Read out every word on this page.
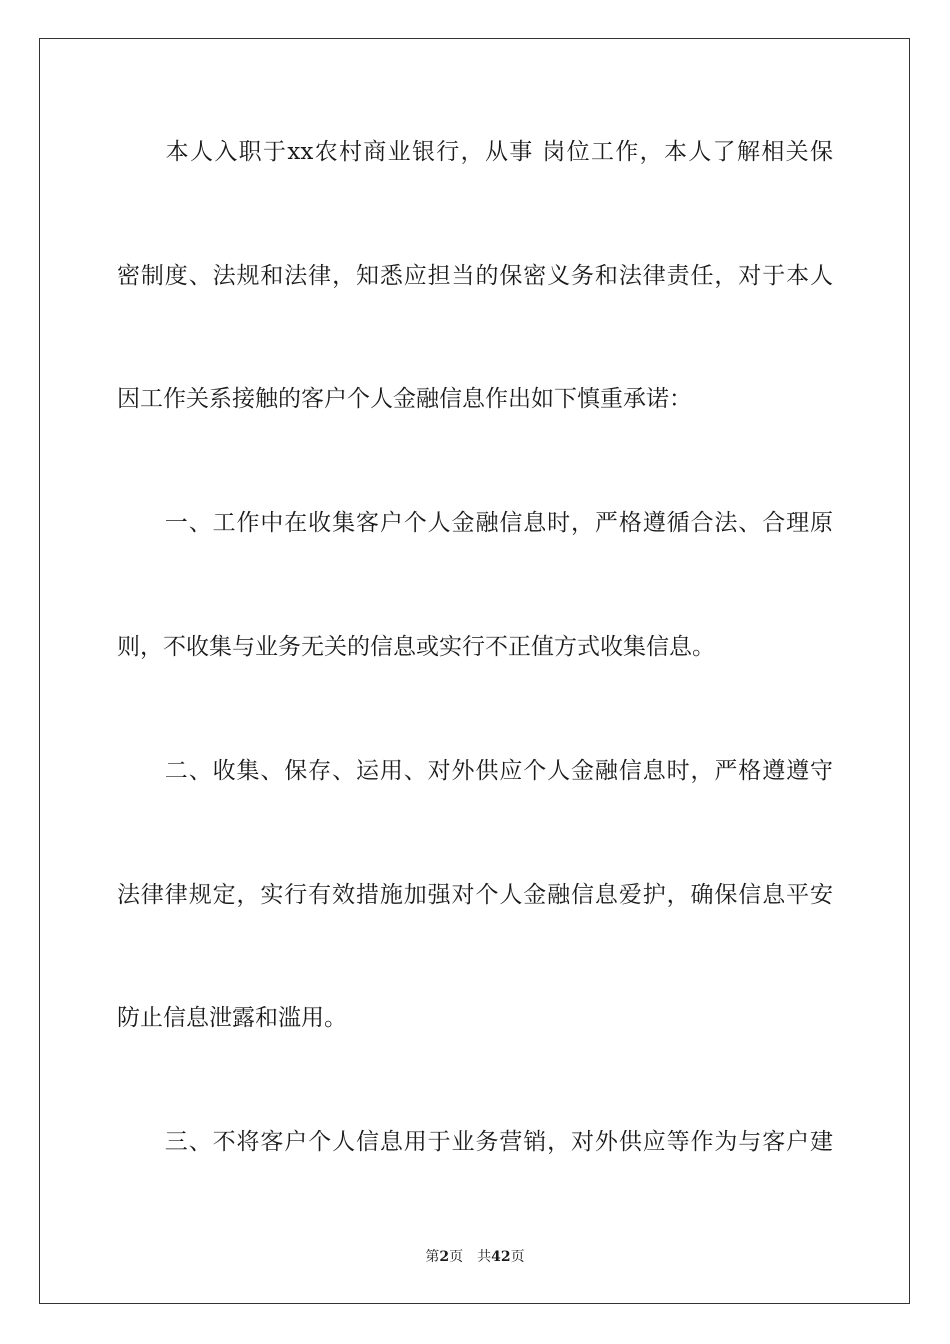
　　本人入职于xx农村商业银行，从事 岗位工作，本人了解相关保
密制度、法规和法律，知悉应担当的保密义务和法律责任，对于本人
因工作关系接触的客户个人金融信息作出如下慎重承诺：
　　一、工作中在收集客户个人金融信息时，严格遵循合法、合理原
则，不收集与业务无关的信息或实行不正值方式收集信息。
　　二、收集、保存、运用、对外供应个人金融信息时，严格遵遵守
法律律规定，实行有效措施加强对个人金融信息爱护，确保信息平安
防止信息泄露和滥用。
　　三、不将客户个人信息用于业务营销，对外供应等作为与客户建
第2页 共42页
